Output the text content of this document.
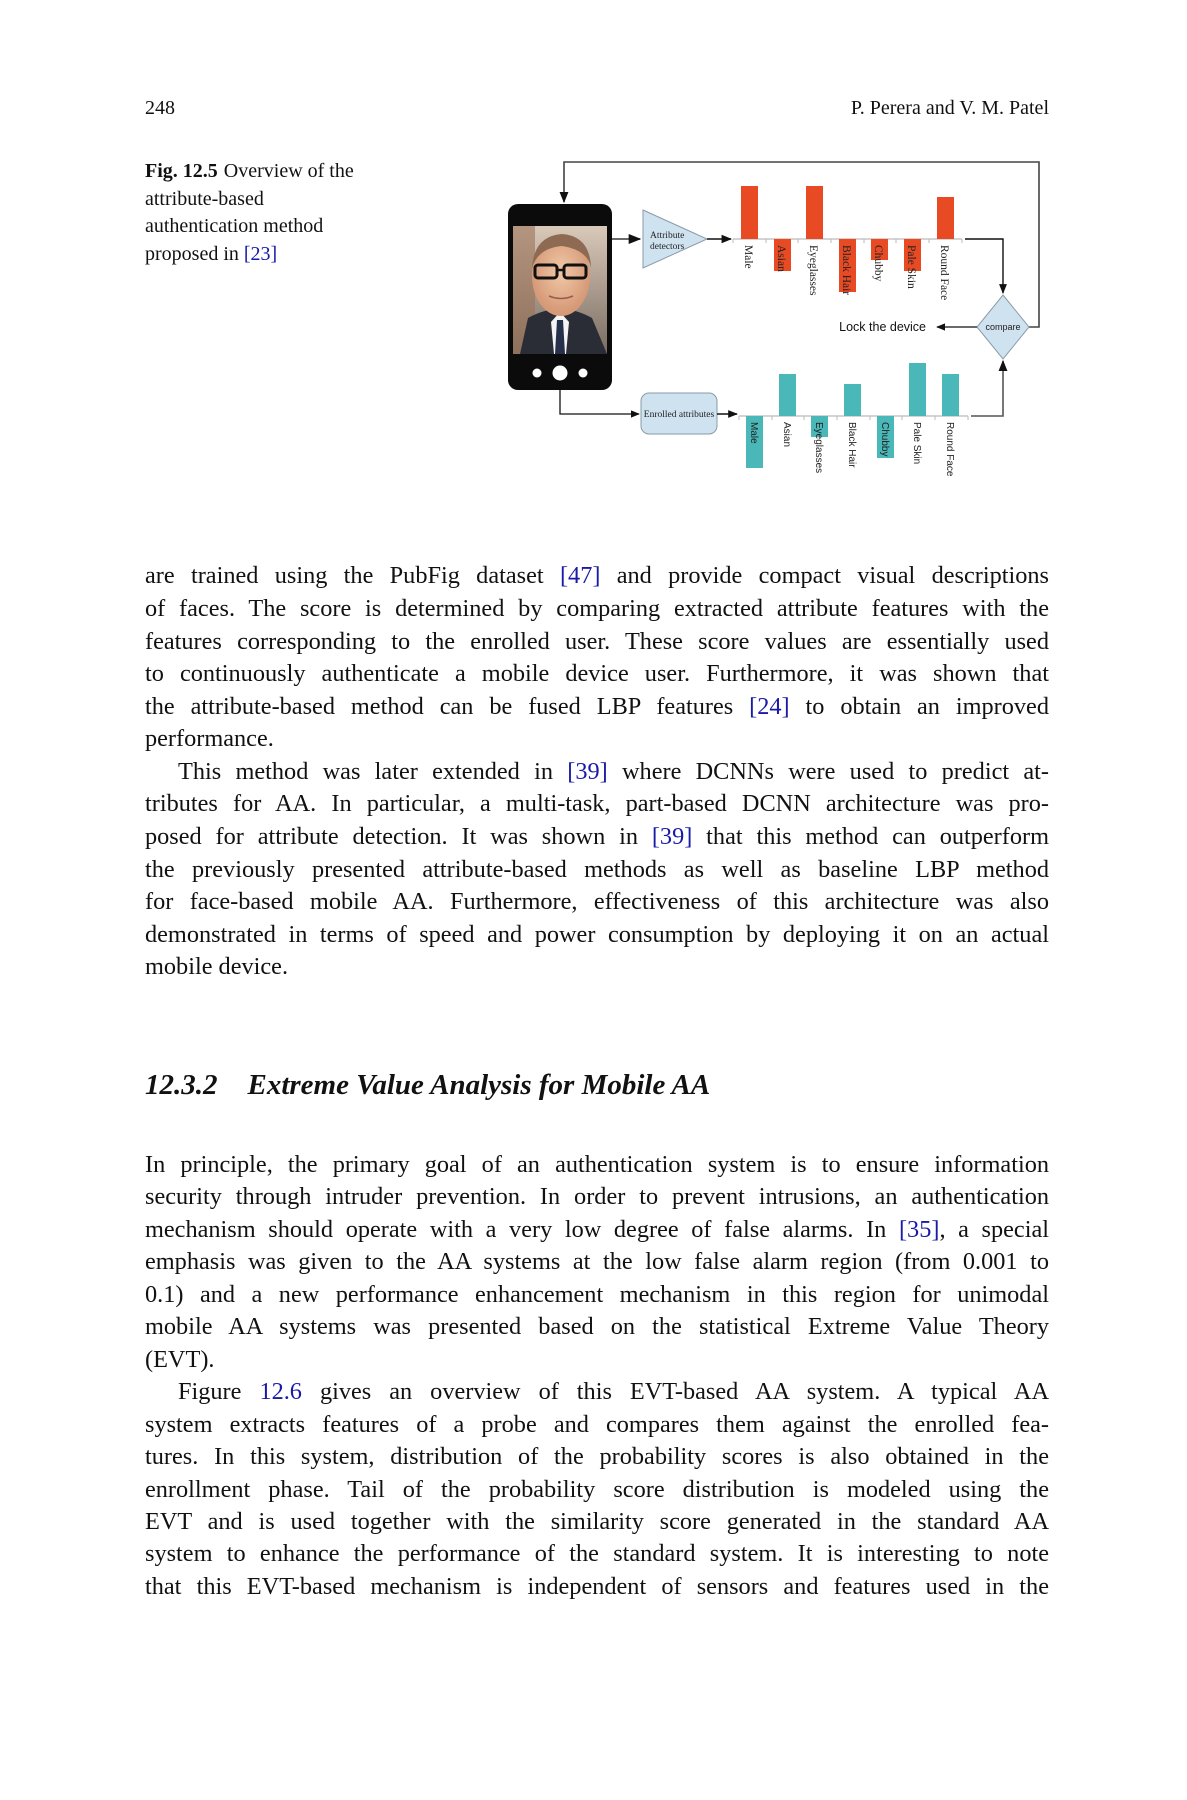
248	P. Perera and V. M. Patel
Fig. 12.5 Overview of the
attribute-based
authentication method
proposed in [23]
Attribute
detectors	Male Asian Eyeglasses Black Hair Chubby Pale Skin Round Face
compare
Lock the device
Enrolled attributes
Male Asian Eyeglasses Black Hair Chubby Pale Skin Round Face
are trained using the PubFig dataset [47] and provide compact visual descriptions
of faces. The score is determined by comparing extracted attribute features with the
features corresponding to the enrolled user. These score values are essentially used
to continuously authenticate a mobile device user. Furthermore, it was shown that
the attribute-based method can be fused LBP features [24] to obtain an improved
performance.
This method was later extended in [39] where DCNNs were used to predict at-
tributes for AA. In particular, a multi-task, part-based DCNN architecture was pro-
posed for attribute detection. It was shown in [39] that this method can outperform
the previously presented attribute-based methods as well as baseline LBP method
for face-based mobile AA. Furthermore, effectiveness of this architecture was also
demonstrated in terms of speed and power consumption by deploying it on an actual
mobile device.
12.3.2 Extreme Value Analysis for Mobile AA
In principle, the primary goal of an authentication system is to ensure information
security through intruder prevention. In order to prevent intrusions, an authentication
mechanism should operate with a very low degree of false alarms. In [35], a special
emphasis was given to the AA systems at the low false alarm region (from 0.001 to
0.1) and a new performance enhancement mechanism in this region for unimodal
mobile AA systems was presented based on the statistical Extreme Value Theory
(EVT).
Figure 12.6 gives an overview of this EVT-based AA system. A typical AA
system extracts features of a probe and compares them against the enrolled fea-
tures. In this system, distribution of the probability scores is also obtained in the
enrollment phase. Tail of the probability score distribution is modeled using the
EVT and is used together with the similarity score generated in the standard AA
system to enhance the performance of the standard system. It is interesting to note
that this EVT-based mechanism is independent of sensors and features used in the
